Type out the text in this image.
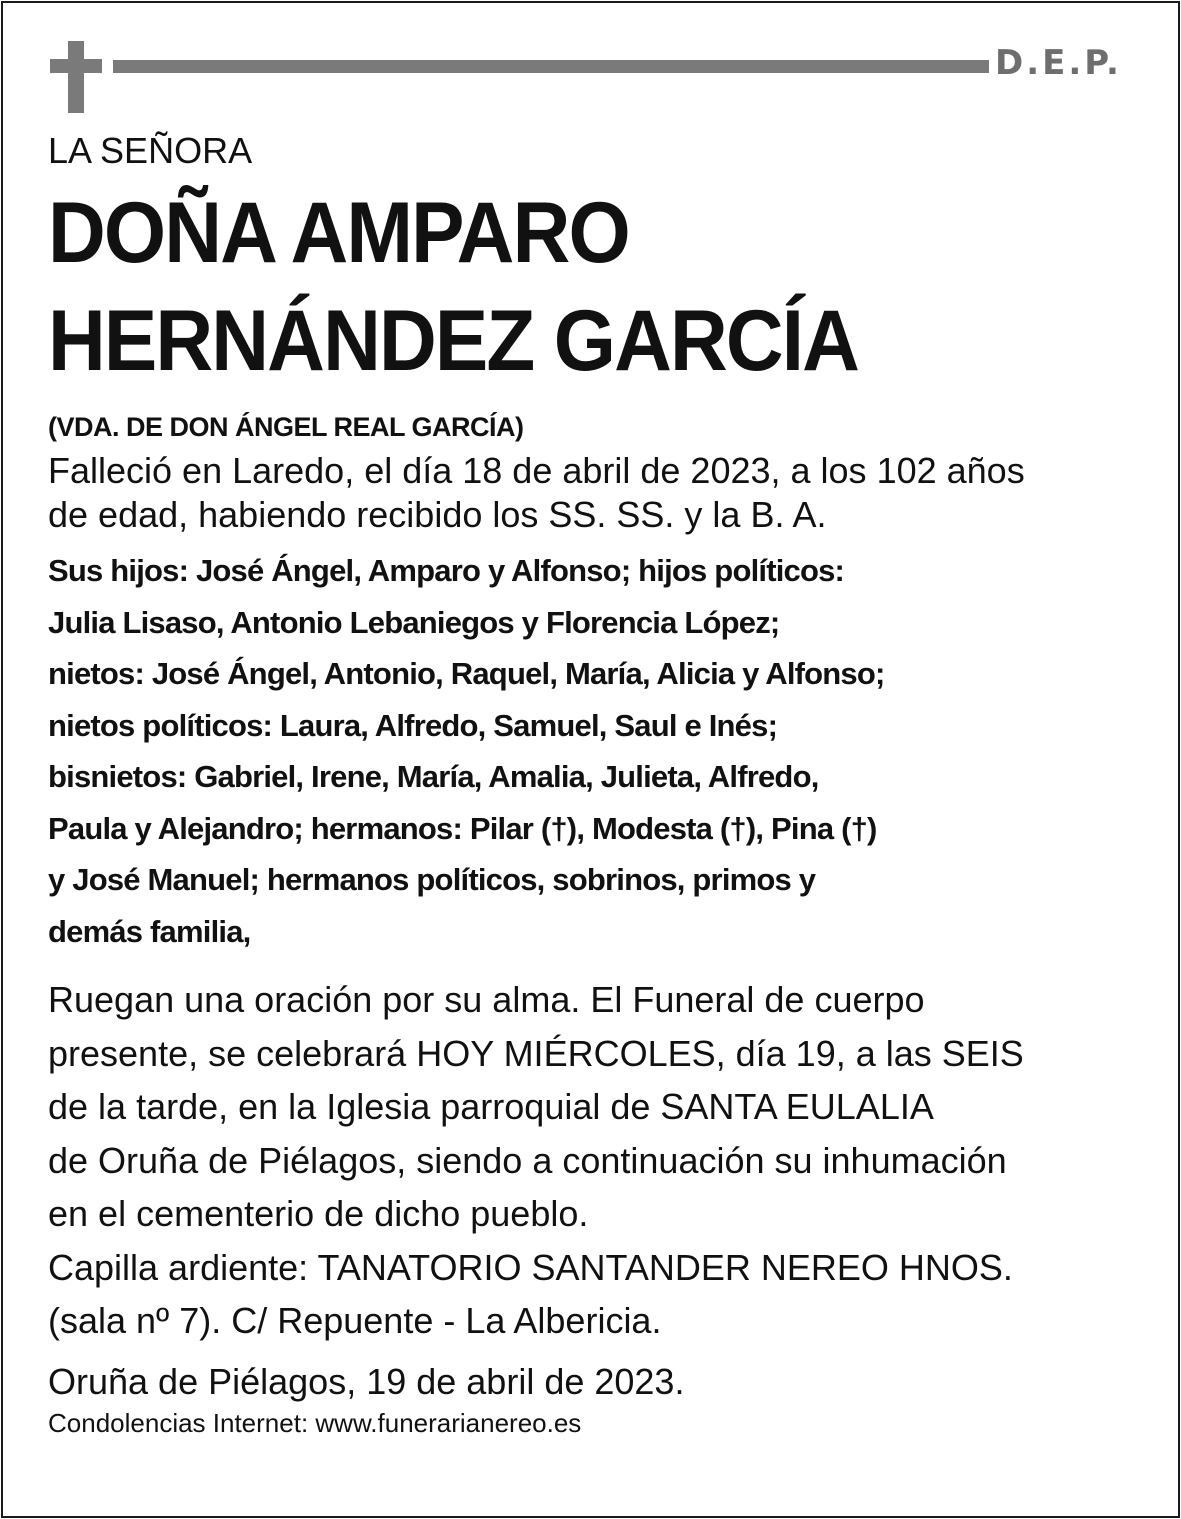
D.E.P.

LA SEÑORA

DOÑA AMPARO

HERNÁNDEZ GARCÍA

(VDA. DE DON ÁNGEL REAL GARCÍA)

Falleció en Laredo, el día 18 de abril de 2023, a los 102 años
de edad, habiendo recibido los SS. SS. y la B. A.
Sus hijos: José Ángel, Amparo y Alfonso; hijos políticos:
Julia Lisaso, Antonio Lebaniegos y Florencia López;
nietos: José Ángel, Antonio, Raquel, María, Alicia y Alfonso;
nietos políticos: Laura, Alfredo, Samuel, Saul e Inés;
bisnietos: Gabriel, Irene, María, Amalia, Julieta, Alfredo,
Paula y Alejandro; hermanos: Pilar (†), Modesta (†), Pina (†)
y José Manuel; hermanos políticos, sobrinos, primos y
demás familia,
Ruegan una oración por su alma. El Funeral de cuerpo
presente, se celebrará HOY MIÉRCOLES, día 19, a las SEIS
de la tarde, en la Iglesia parroquial de SANTA EULALIA
de Oruña de Piélagos, siendo a continuación su inhumación
en el cementerio de dicho pueblo.
Capilla ardiente: TANATORIO SANTANDER NEREO HNOS.
(sala nº 7). C/ Repuente - La Albericia.

Oruña de Piélagos, 19 de abril de 2023.

Condolencias Internet: www.funerarianereo.es
